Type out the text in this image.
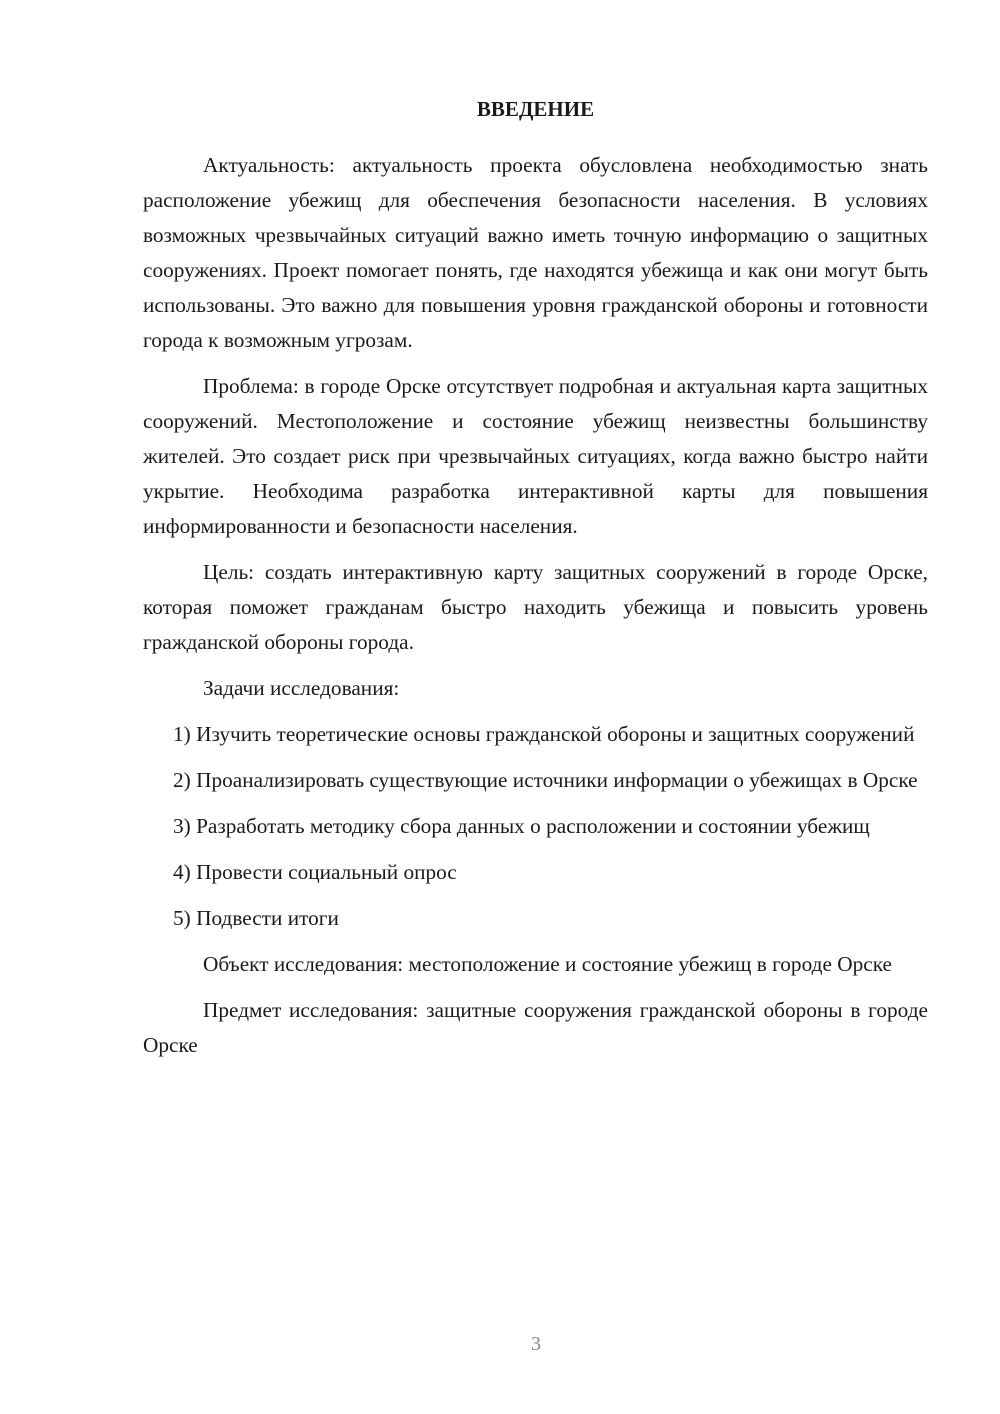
ВВЕДЕНИЕ

Актуальность: актуальность проекта обусловлена необходимостью знать расположение убежищ для обеспечения безопасности населения. В условиях возможных чрезвычайных ситуаций важно иметь точную информацию о защитных сооружениях. Проект помогает понять, где находятся убежища и как они могут быть использованы. Это важно для повышения уровня гражданской обороны и готовности города к возможным угрозам.

Проблема: в городе Орске отсутствует подробная и актуальная карта защитных сооружений. Местоположение и состояние убежищ неизвестны большинству жителей. Это создает риск при чрезвычайных ситуациях, когда важно быстро найти укрытие. Необходима разработка интерактивной карты для повышения информированности и безопасности населения.

Цель: создать интерактивную карту защитных сооружений в городе Орске, которая поможет гражданам быстро находить убежища и повысить уровень гражданской обороны города.

Задачи исследования:

1) Изучить теоретические основы гражданской обороны и защитных сооружений

2) Проанализировать существующие источники информации о убежищах в Орске

3) Разработать методику сбора данных о расположении и состоянии убежищ

4) Провести социальный опрос

5) Подвести итоги

Объект исследования: местоположение и состояние убежищ в городе Орске

Предмет исследования: защитные сооружения гражданской обороны в городе Орске

3
